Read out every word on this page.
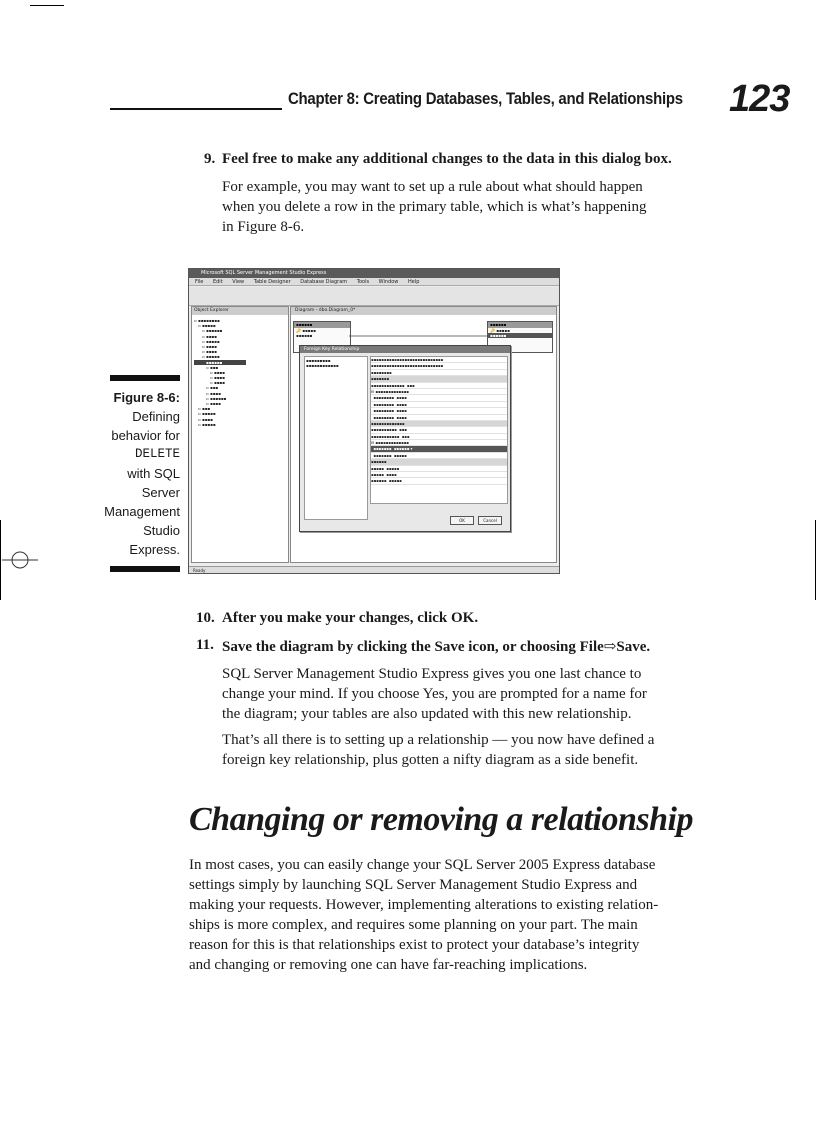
Chapter 8: Creating Databases, Tables, and Relationships 123
9. Feel free to make any additional changes to the data in this dialog box.
For example, you may want to set up a rule about what should happen
when you delete a row in the primary table, which is what’s happening
in Figure 8-6.
Figure 8-6:
Defining
behavior for
DELETE
with SQL
Server
Management
Studio
Express.
Microsoft SQL Server Management Studio Express
File Edit View Table Designer Database Diagram Tools Window Help
Object Explorer
▫ ▪▪▪▪▪▪▪▪
▫ ▪▪▪▪▪
▫ ▪▪▪▪▪▪
▫ ▪▪▪▪
▫ ▪▪▪▪▪
▫ ▪▪▪▪
▫ ▪▪▪▪
▫ ▪▪▪▪▪
▪▪▪▪▪▪
▫ ▪▪▪
▫ ▪▪▪▪
▫ ▪▪▪▪
▫ ▪▪▪▪
▫ ▪▪▪
▫ ▪▪▪▪
▫ ▪▪▪▪▪▪
▫ ▪▪▪▪
▫ ▪▪▪
▫ ▪▪▪▪▪
▫ ▪▪▪▪
▫ ▪▪▪▪▪
Diagram - dbo.Diagram_0*
▪▪▪▪▪▪
🔑 ▪▪▪▪▪
▪▪▪▪▪▪
▪▪▪▪▪▪
🔑 ▪▪▪▪▪
▪▪▪▪▪▪
Foreign Key Relationship
▪▪▪▪▪▪▪▪▪
▪▪▪▪▪▪▪▪▪▪▪▪
▪▪▪▪▪▪▪▪▪▪▪▪▪▪▪▪▪▪▪▪▪▪▪▪▪▪▪▪
▪▪▪▪▪▪▪▪▪▪▪▪▪▪▪▪▪▪▪▪▪▪▪▪▪▪▪▪
▪▪▪▪▪▪▪▪
▪▪▪▪▪▪▪
▪▪▪▪▪▪▪▪▪▪▪▪▪  ▪▪▪
⊟ ▪▪▪▪▪▪▪▪▪▪▪▪▪
▪▪▪▪▪▪▪▪  ▪▪▪▪
▪▪▪▪▪▪▪▪  ▪▪▪▪
▪▪▪▪▪▪▪▪  ▪▪▪▪
▪▪▪▪▪▪▪▪  ▪▪▪▪
▪▪▪▪▪▪▪▪▪▪▪▪▪
▪▪▪▪▪▪▪▪▪▪  ▪▪▪
▪▪▪▪▪▪▪▪▪▪▪  ▪▪▪
⊟ ▪▪▪▪▪▪▪▪▪▪▪▪▪
▪▪▪▪▪▪▪  ▪▪▪▪▪▪ ▾
▪▪▪▪▪▪▪  ▪▪▪▪▪
▪▪▪▪▪▪
▪▪▪▪▪  ▪▪▪▪▪
▪▪▪▪▪  ▪▪▪▪
▪▪▪▪▪▪  ▪▪▪▪▪
OK	Cancel
Ready
10. After you make your changes, click OK.
11. Save the diagram by clicking the Save icon, or choosing File⇨Save.
SQL Server Management Studio Express gives you one last chance to
change your mind. If you choose Yes, you are prompted for a name for
the diagram; your tables are also updated with this new relationship.
That’s all there is to setting up a relationship — you now have defined a
foreign key relationship, plus gotten a nifty diagram as a side benefit.
Changing or removing a relationship
In most cases, you can easily change your SQL Server 2005 Express database
settings simply by launching SQL Server Management Studio Express and
making your requests. However, implementing alterations to existing relation-
ships is more complex, and requires some planning on your part. The main
reason for this is that relationships exist to protect your database’s integrity
and changing or removing one can have far-reaching implications.
